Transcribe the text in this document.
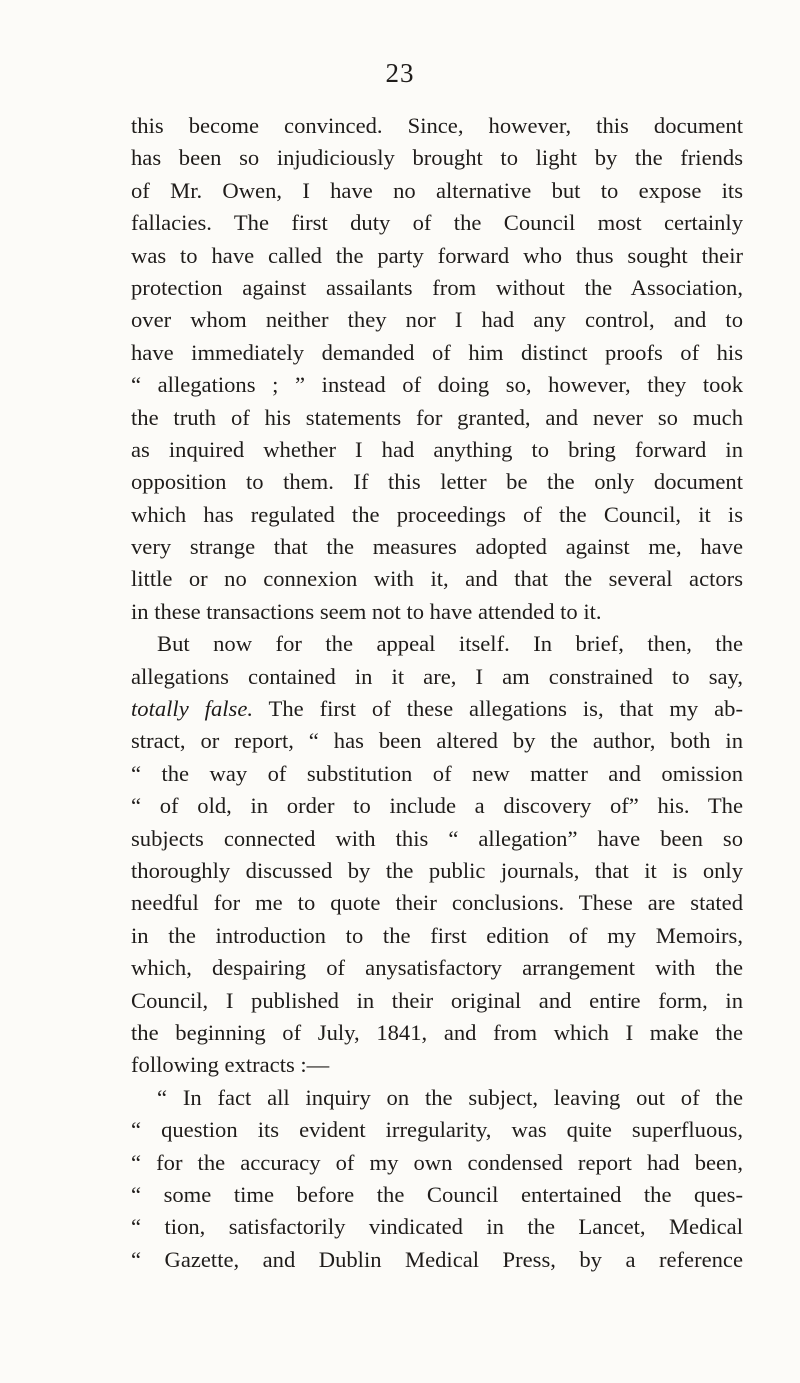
23
this become convinced. Since, however, this document
has been so injudiciously brought to light by the friends
of Mr. Owen, I have no alternative but to expose its
fallacies. The first duty of the Council most certainly
was to have called the party forward who thus sought their
protection against assailants from without the Association,
over whom neither they nor I had any control, and to
have immediately demanded of him distinct proofs of his
“ allegations ; ” instead of doing so, however, they took
the truth of his statements for granted, and never so much
as inquired whether I had anything to bring forward in
opposition to them. If this letter be the only document
which has regulated the proceedings of the Council, it is
very strange that the measures adopted against me, have
little or no connexion with it, and that the several actors
in these transactions seem not to have attended to it.
But now for the appeal itself. In brief, then, the
allegations contained in it are, I am constrained to say,
totally false. The first of these allegations is, that my ab-
stract, or report, “ has been altered by the author, both in
“ the way of substitution of new matter and omission
“ of old, in order to include a discovery of” his. The
subjects connected with this “ allegation” have been so
thoroughly discussed by the public journals, that it is only
needful for me to quote their conclusions. These are stated
in the introduction to the first edition of my Memoirs,
which, despairing of anysatisfactory arrangement with the
Council, I published in their original and entire form, in
the beginning of July, 1841, and from which I make the
following extracts :—
“ In fact all inquiry on the subject, leaving out of the
“ question its evident irregularity, was quite superfluous,
“ for the accuracy of my own condensed report had been,
“ some time before the Council entertained the ques-
“ tion, satisfactorily vindicated in the Lancet, Medical
“ Gazette, and Dublin Medical Press, by a reference
